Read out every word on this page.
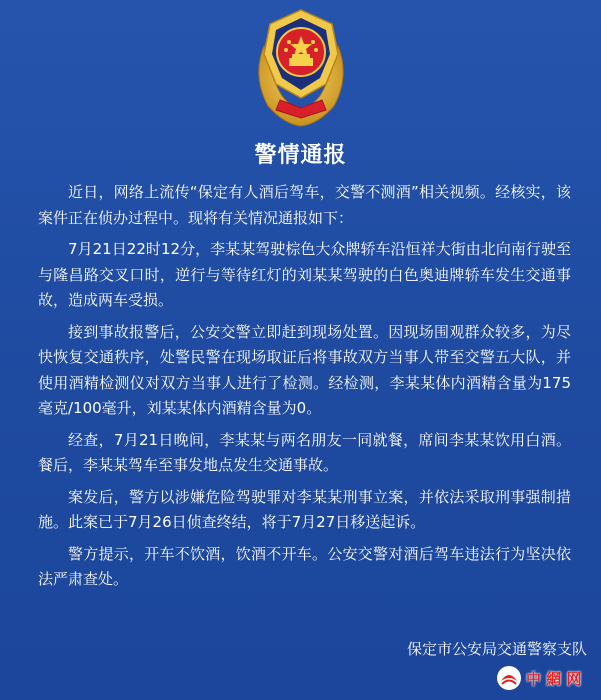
警情通报

近日，网络上流传“保定有人酒后驾车，交警不测酒”相关视频。经核实，该案件正在侦办过程中。现将有关情况通报如下：

7月21日22时12分，李某某驾驶棕色大众牌轿车沿恒祥大街由北向南行驶至与隆昌路交叉口时，逆行与等待红灯的刘某某驾驶的白色奥迪牌轿车发生交通事故，造成两车受损。

接到事故报警后，公安交警立即赶到现场处置。因现场围观群众较多，为尽快恢复交通秩序，处警民警在现场取证后将事故双方当事人带至交警五大队，并使用酒精检测仪对双方当事人进行了检测。经检测，李某某体内酒精含量为175毫克/100毫升，刘某某体内酒精含量为0。

经查，7月21日晚间，李某某与两名朋友一同就餐，席间李某某饮用白酒。餐后，李某某驾车至事发地点发生交通事故。

案发后，警方以涉嫌危险驾驶罪对李某某刑事立案，并依法采取刑事强制措施。此案已于7月26日侦查终结，将于7月27日移送起诉。

警方提示，开车不饮酒，饮酒不开车。公安交警对酒后驾车违法行为坚决依法严肃查处。

保定市公安局交通警察支队
中 網 网
